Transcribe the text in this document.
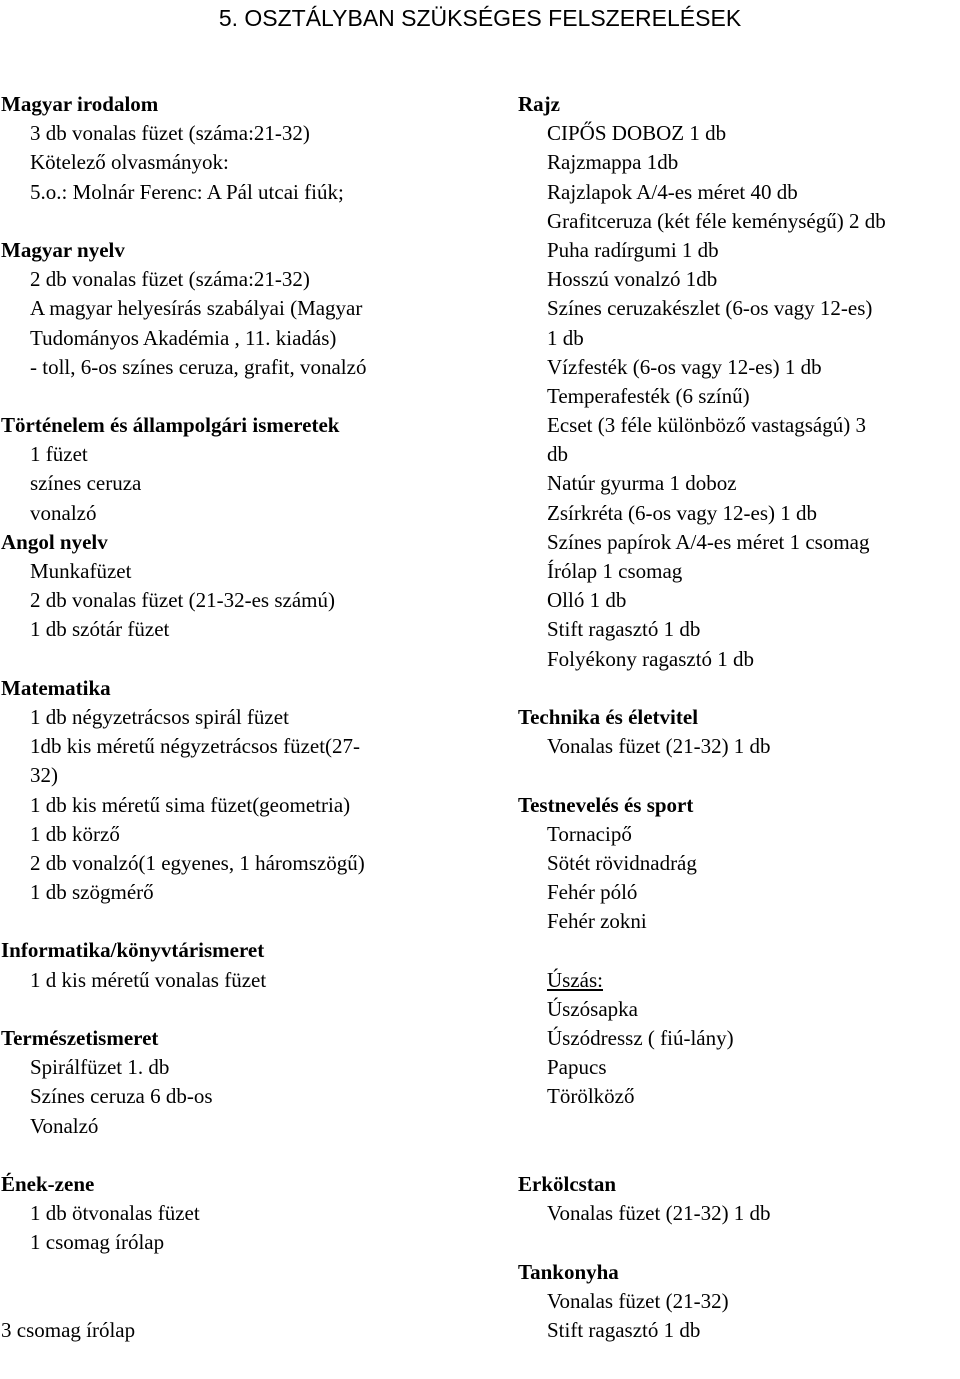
5. OSZTÁLYBAN SZÜKSÉGES FELSZERELÉSEK
Magyar irodalom
3 db vonalas füzet (száma:21-32)
Kötelező olvasmányok:
5.o.: Molnár Ferenc: A Pál utcai fiúk;
Magyar nyelv
2 db vonalas füzet (száma:21-32)
A magyar helyesírás szabályai (Magyar
Tudományos Akadémia , 11. kiadás)
- toll, 6-os színes ceruza, grafit, vonalzó
Történelem és állampolgári ismeretek
1 füzet
színes ceruza
vonalzó
Angol nyelv
Munkafüzet
2 db vonalas füzet (21-32-es számú)
1 db szótár füzet
Matematika
1 db négyzetrácsos spirál füzet
1db kis méretű négyzetrácsos füzet(27-
32)
1 db kis méretű sima füzet(geometria)
1 db körző
2 db vonalzó(1 egyenes, 1 háromszögű)
1 db szögmérő
Informatika/könyvtárismeret
1 d kis méretű vonalas füzet
Természetismeret
Spirálfüzet 1. db
Színes ceruza 6 db-os
Vonalzó
Ének-zene
1 db ötvonalas füzet
1 csomag írólap
3 csomag írólap
Rajz
CIPŐS DOBOZ 1 db
Rajzmappa 1db
Rajzlapok A/4-es méret 40 db
Grafitceruza (két féle keménységű) 2 db
Puha radírgumi 1 db
Hosszú vonalzó 1db
Színes ceruzakészlet (6-os vagy 12-es)
1 db
Vízfesték (6-os vagy 12-es) 1 db
Temperafesték (6 színű)
Ecset (3 féle különböző vastagságú) 3
db
Natúr gyurma 1 doboz
Zsírkréta (6-os vagy 12-es) 1 db
Színes papírok A/4-es méret 1 csomag
Írólap 1 csomag
Olló 1 db
Stift ragasztó 1 db
Folyékony ragasztó 1 db
Technika és életvitel
Vonalas füzet (21-32) 1 db
Testnevelés és sport
Tornacipő
Sötét rövidnadrág
Fehér póló
Fehér zokni
Úszás:
Úszósapka
Úszódressz ( fiú-lány)
Papucs
Törölköző
Erkölcstan
Vonalas füzet (21-32) 1 db
Tankonyha
Vonalas füzet (21-32)
Stift ragasztó 1 db
